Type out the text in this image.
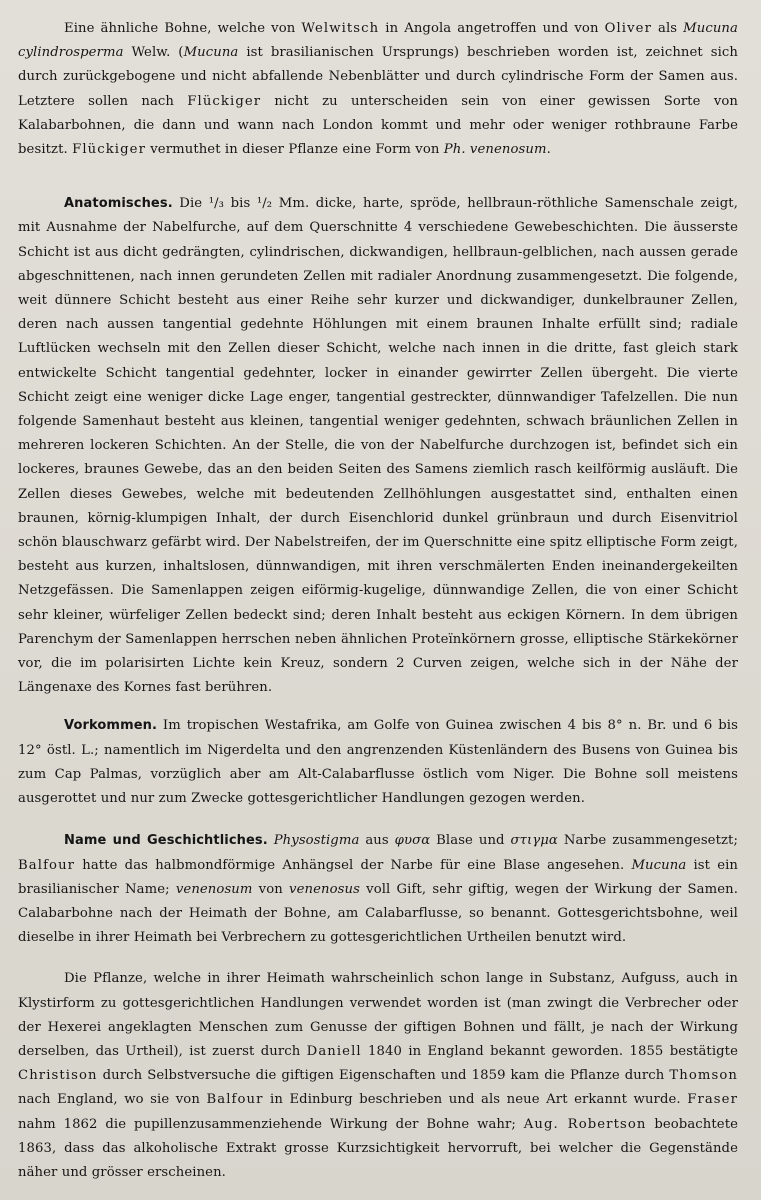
Eine ähnliche Bohne, welche von Welwitsch in Angola angetroffen und von Oliver als Mucuna cylindrosperma Welw. (Mucuna ist brasilianischen Ursprungs) beschrieben worden ist, zeichnet sich durch zurückgebogene und nicht abfallende Nebenblätter und durch cylindrische Form der Samen aus. Letztere sollen nach Flückiger nicht zu unterscheiden sein von einer gewissen Sorte von Kalabarbohnen, die dann und wann nach London kommt und mehr oder weniger rothbraune Farbe besitzt. Flückiger vermuthet in dieser Pflanze eine Form von Ph. venenosum.

Anatomisches. Die ¹/₃ bis ¹/₂ Mm. dicke, harte, spröde, hellbraun-röthliche Samenschale zeigt, mit Ausnahme der Nabelfurche, auf dem Querschnitte 4 verschiedene Gewebeschichten. Die äusserste Schicht ist aus dicht gedrängten, cylindrischen, dickwandigen, hellbraun-gelblichen, nach aussen gerade abgeschnittenen, nach innen gerundeten Zellen mit radialer Anordnung zusammengesetzt. Die folgende, weit dünnere Schicht besteht aus einer Reihe sehr kurzer und dickwandiger, dunkelbrauner Zellen, deren nach aussen tangential gedehnte Höhlungen mit einem braunen Inhalte erfüllt sind; radiale Luftlücken wechseln mit den Zellen dieser Schicht, welche nach innen in die dritte, fast gleich stark entwickelte Schicht tangential gedehnter, locker in einander gewirrter Zellen übergeht. Die vierte Schicht zeigt eine weniger dicke Lage enger, tangential gestreckter, dünnwandiger Tafelzellen. Die nun folgende Samenhaut besteht aus kleinen, tangential weniger gedehnten, schwach bräunlichen Zellen in mehreren lockeren Schichten. An der Stelle, die von der Nabelfurche durchzogen ist, befindet sich ein lockeres, braunes Gewebe, das an den beiden Seiten des Samens ziemlich rasch keilförmig ausläuft. Die Zellen dieses Gewebes, welche mit bedeutenden Zellhöhlungen ausgestattet sind, enthalten einen braunen, körnig-klumpigen Inhalt, der durch Eisenchlorid dunkel grünbraun und durch Eisenvitriol schön blauschwarz gefärbt wird. Der Nabelstreifen, der im Querschnitte eine spitz elliptische Form zeigt, besteht aus kurzen, inhaltslosen, dünnwandigen, mit ihren verschmälerten Enden ineinandergekeilten Netzgefässen. Die Samenlappen zeigen eiförmig-kugelige, dünnwandige Zellen, die von einer Schicht sehr kleiner, würfeliger Zellen bedeckt sind; deren Inhalt besteht aus eckigen Körnern. In dem übrigen Parenchym der Samenlappen herrschen neben ähnlichen Proteïnkörnern grosse, elliptische Stärkekörner vor, die im polarisirten Lichte kein Kreuz, sondern 2 Curven zeigen, welche sich in der Nähe der Längenaxe des Kornes fast berühren.

Vorkommen. Im tropischen Westafrika, am Golfe von Guinea zwischen 4 bis 8° n. Br. und 6 bis 12° östl. L.; namentlich im Nigerdelta und den angrenzenden Küstenländern des Busens von Guinea bis zum Cap Palmas, vorzüglich aber am Alt-Calabarflusse östlich vom Niger. Die Bohne soll meistens ausgerottet und nur zum Zwecke gottesgerichtlicher Handlungen gezogen werden.

Name und Geschichtliches. Physostigma aus φυσα Blase und στιγμα Narbe zusammengesetzt; Balfour hatte das halbmondförmige Anhängsel der Narbe für eine Blase angesehen. Mucuna ist ein brasilianischer Name; venenosum von venenosus voll Gift, sehr giftig, wegen der Wirkung der Samen. Calabarbohne nach der Heimath der Bohne, am Calabarflusse, so benannt. Gottesgerichtsbohne, weil dieselbe in ihrer Heimath bei Verbrechern zu gottesgerichtlichen Urtheilen benutzt wird.

Die Pflanze, welche in ihrer Heimath wahrscheinlich schon lange in Substanz, Aufguss, auch in Klystirform zu gottesgerichtlichen Handlungen verwendet worden ist (man zwingt die Verbrecher oder der Hexerei angeklagten Menschen zum Genusse der giftigen Bohnen und fällt, je nach der Wirkung derselben, das Urtheil), ist zuerst durch Daniell 1840 in England bekannt geworden. 1855 bestätigte Christison durch Selbstversuche die giftigen Eigenschaften und 1859 kam die Pflanze durch Thomson nach England, wo sie von Balfour in Edinburg beschrieben und als neue Art erkannt wurde. Fraser nahm 1862 die pupillenzusammenziehende Wirkung der Bohne wahr; Aug. Robertson beobachtete 1863, dass das alkoholische Extrakt grosse Kurzsichtigkeit hervorruft, bei welcher die Gegenstände näher und grösser erscheinen.
